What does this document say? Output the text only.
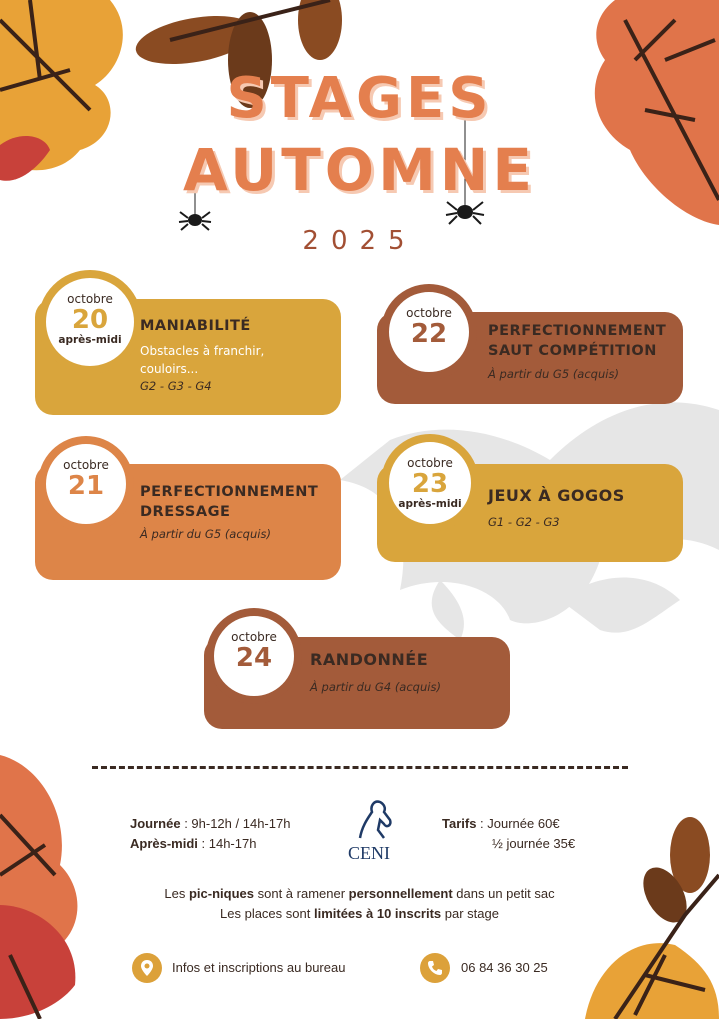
STAGES
AUTOMNE
2025
octobre
20
après-midi
MANIABILITÉ
Obstacles à franchir,
couloirs...
G2 - G3 - G4
octobre
22	PERFECTIONNEMENT
SAUT COMPÉTITION
À partir du G5 (acquis)
octobre
21	PERFECTIONNEMENT
DRESSAGE
À partir du G5 (acquis)
octobre
23
après-midi	JEUX À GOGOS
G1 - G2 - G3
octobre
24	RANDONNÉE
À partir du G4 (acquis)
Journée : 9h-12h / 14h-17h
Après-midi : 14h-17h	CENI
Tarifs : Journée 60€
½ journée 35€
Les pic-niques sont à ramener personnellement dans un petit sac
Les places sont limitées à 10 inscrits par stage
Infos et inscriptions au bureau	06 84 36 30 25
